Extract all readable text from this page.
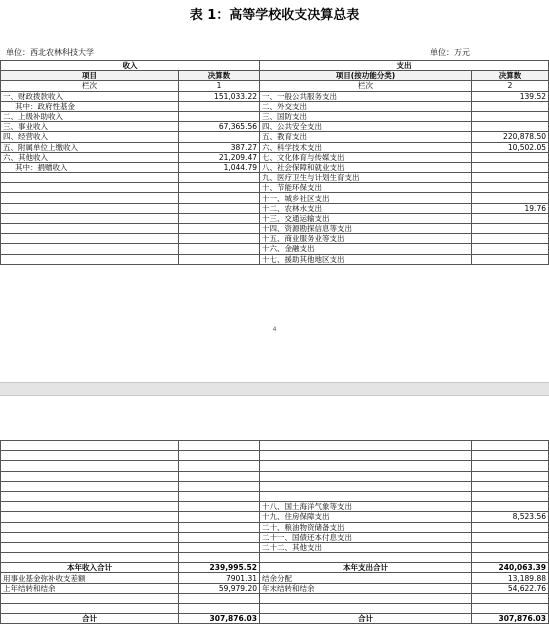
表 1：高等学校收支决算总表
单位：西北农林科技大学	单位：万元
收入		支出	
项目	决算数	项目(按功能分类)	决算数
栏次	1	栏次	2
一、财政拨款收入	151,033.22	一、一般公共服务支出	139.52
其中：政府性基金		二、外交支出	
二、上级补助收入		三、国防支出	
三、事业收入	67,365.56	四、公共安全支出	
四、经营收入		五、教育支出	220,878.50
五、附属单位上缴收入	387.27	六、科学技术支出	10,502.05
六、其他收入	21,209.47	七、文化体育与传媒支出	
其中：捐赠收入	1,044.79	八、社会保障和就业支出	
		九、医疗卫生与计划生育支出	
		十、节能环保支出	
		十一、城乡社区支出	
		十二、农林水支出	19.76
		十三、交通运输支出	
		十四、资源勘探信息等支出	
		十五、商业服务业等支出	
		十六、金融支出	
		十七、援助其他地区支出	
4

		十八、国土海洋气象等支出	
		十九、住房保障支出	8,523.56
		二十、粮油物资储备支出	
		二十一、国债还本付息支出	
		二十二、其他支出	

本年收入合计	239,995.52	本年支出合计	240,063.39
用事业基金弥补收支差额	7901.31	结余分配	13,189.88
上年结转和结余	59,979.20	年末结转和结余	54,622.76

合计	307,876.03	合计	307,876.03
